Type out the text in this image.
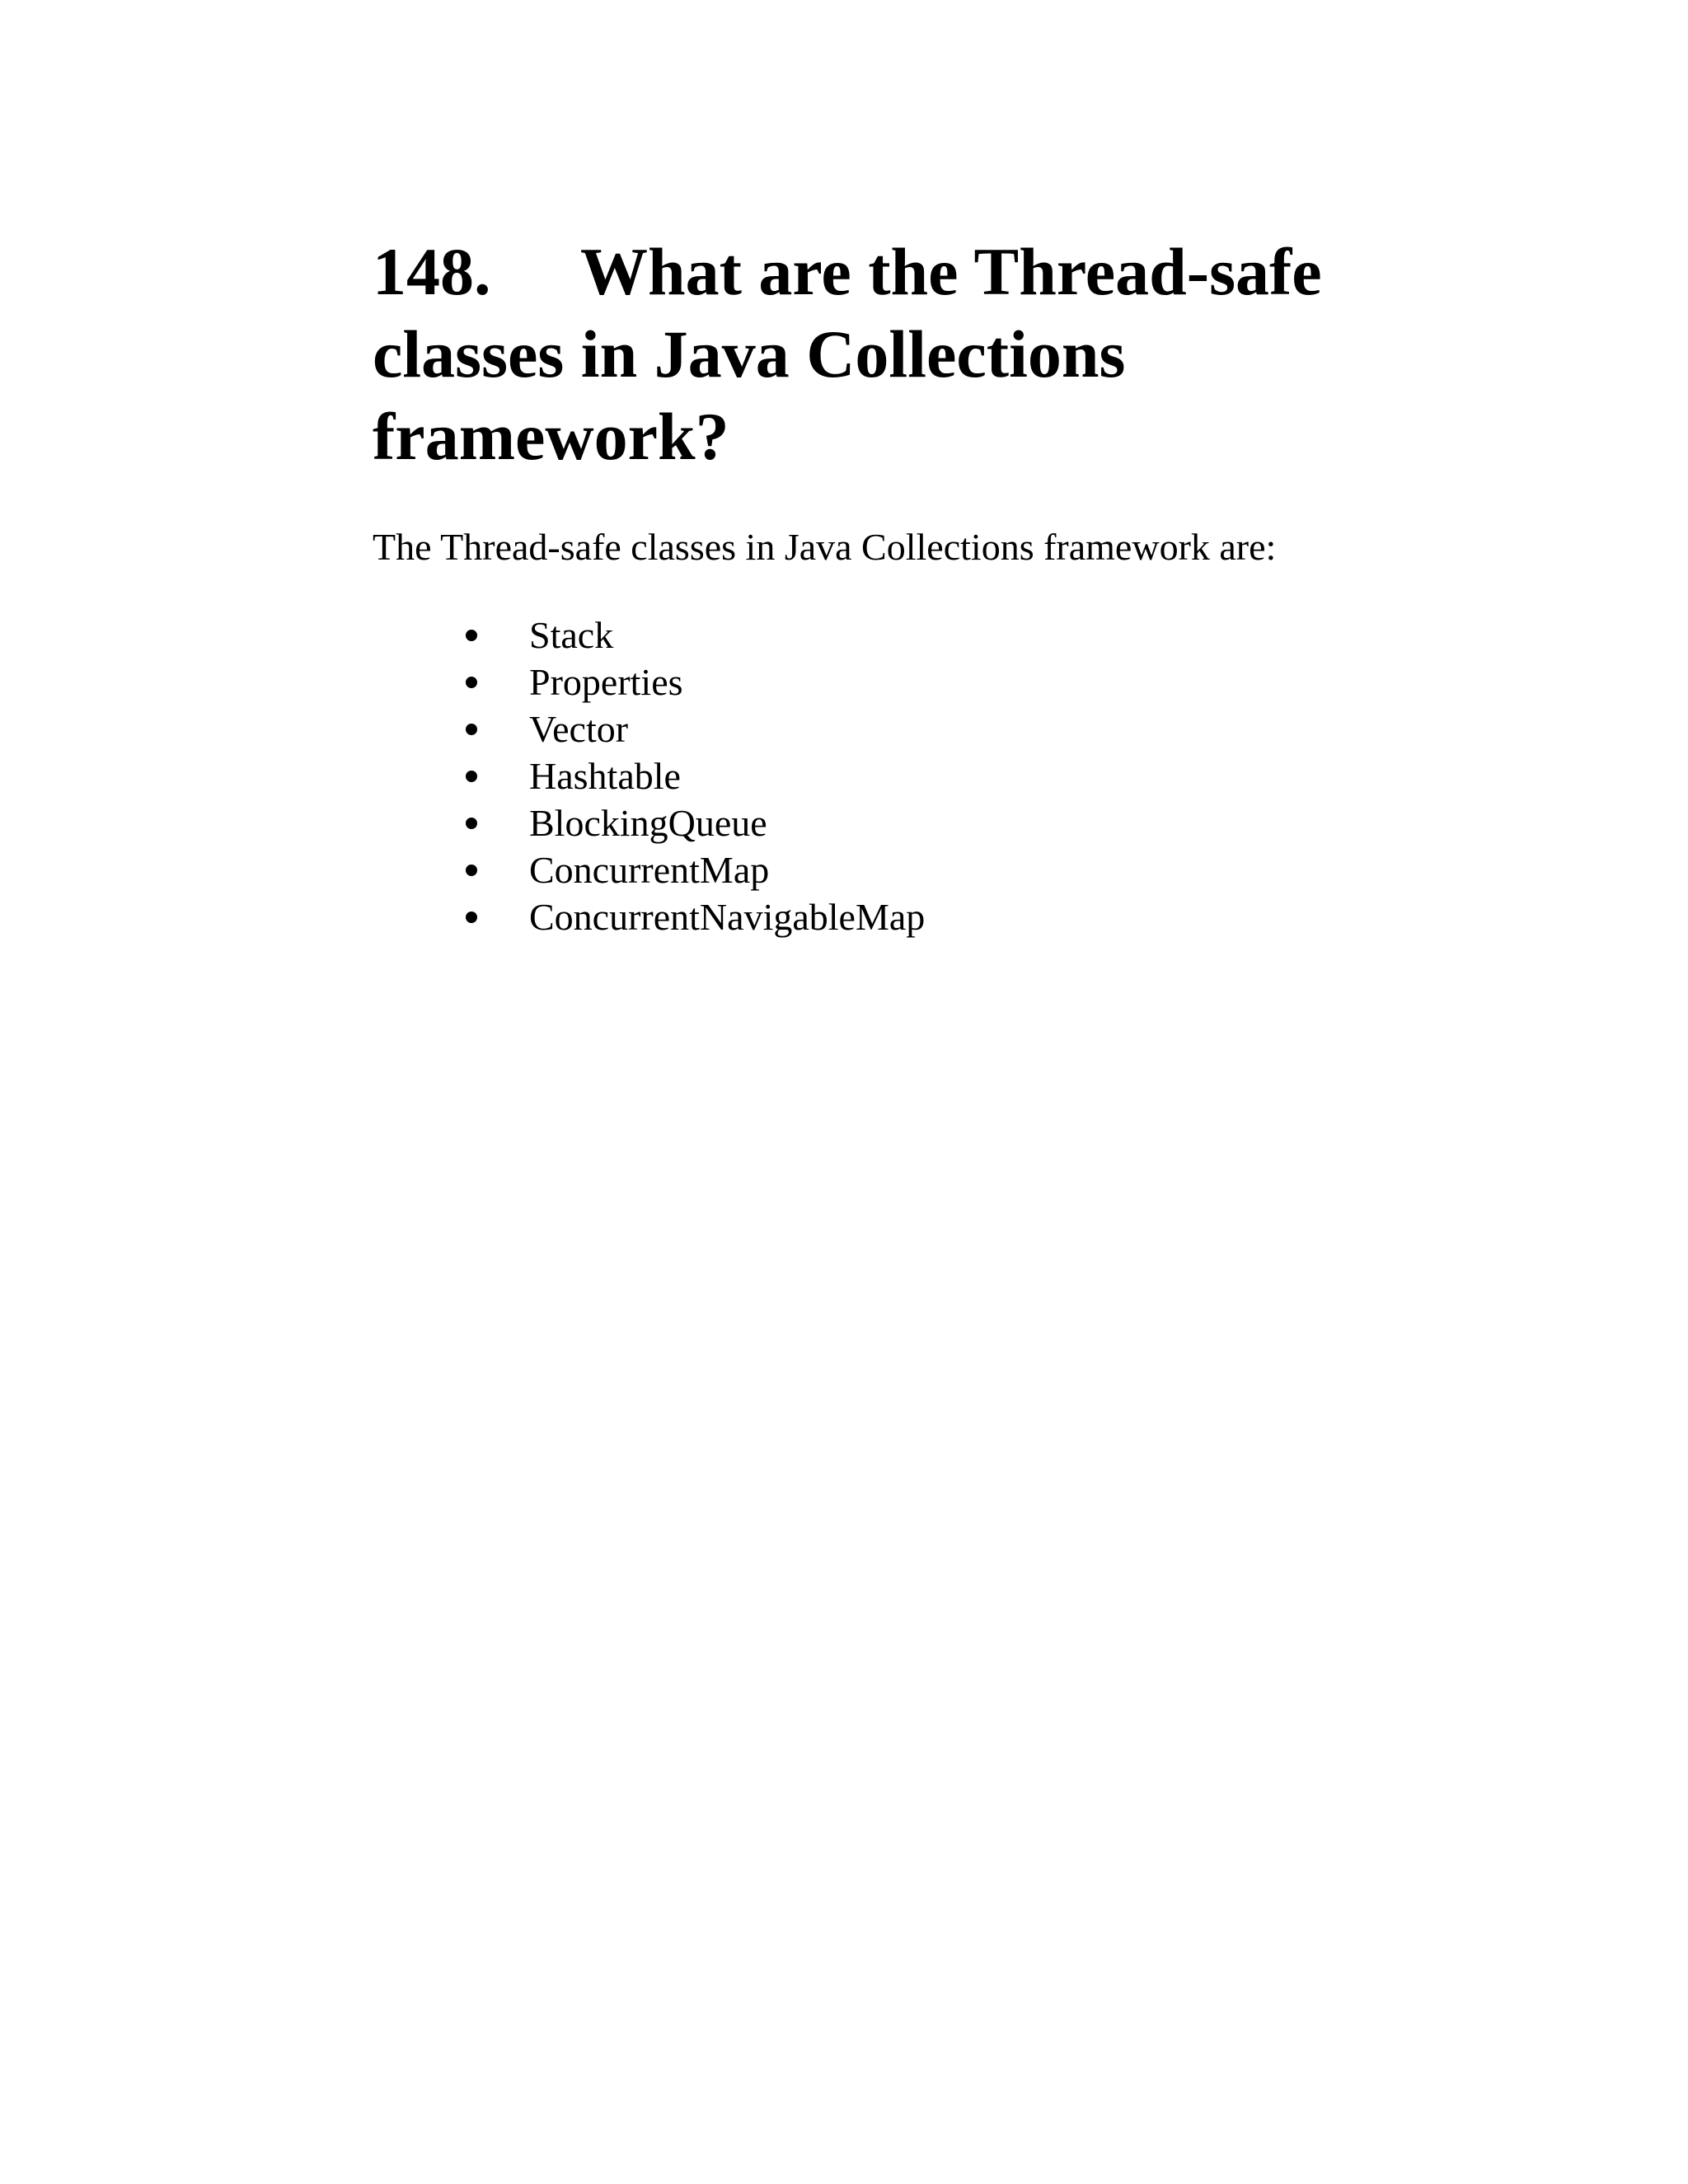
148. What are the Thread-safe
classes in Java Collections
framework?

The Thread-safe classes in Java Collections framework are:

Stack
Properties
Vector
Hashtable
BlockingQueue
ConcurrentMap
ConcurrentNavigableMap
